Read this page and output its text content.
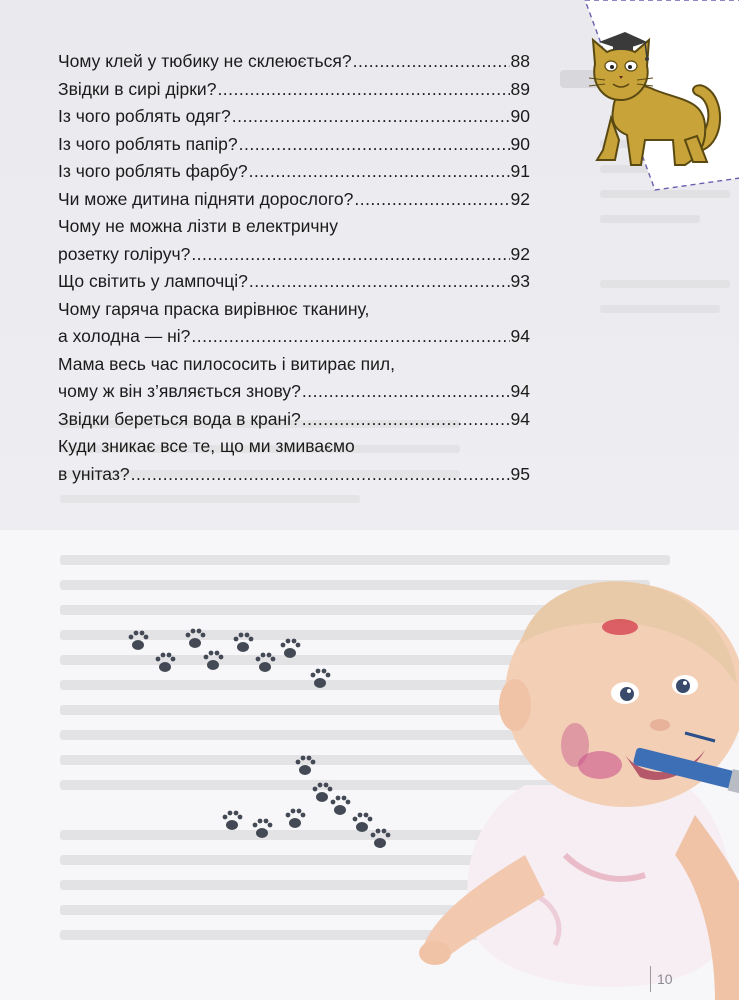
Чому клей у тюбику не склеюється? .....	88
Звідки в сирі дірки? .....	89
Із чого роблять одяг? .....	90
Із чого роблять папір? .....	90
Із чого роблять фарбу? .....	91
Чи може дитина підняти дорослого? .....	92
Чому не можна лізти в електричну
розетку голіруч? .....	92
Що світить у лампочці? .....	93
Чому гаряча праска вирівнює тканину,
а холодна — ні? .....	94
Мама весь час пилососить і витирає пил,
чому ж він з’являється знову? .....	94
Звідки береться вода в крані? .....	94
Куди зникає все те, що ми змиваємо
в унітаз? .....	95
10
